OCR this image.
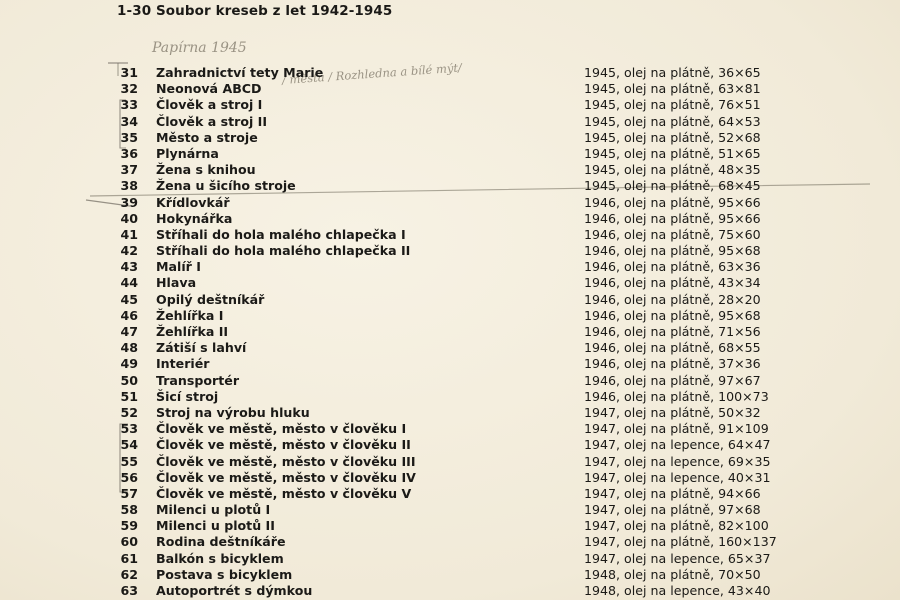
1-30 Soubor kreseb z let 1942-1945
Papírna 1945
/ města / Rozhledna a bílé mýt/
31 Zahradnictví tety Marie	1945, olej na plátně, 36×65
32 Neonová ABCD	1945, olej na plátně, 63×81
33 Člověk a stroj I	1945, olej na plátně, 76×51
34 Člověk a stroj II	1945, olej na plátně, 64×53
35 Město a stroje	1945, olej na plátně, 52×68
36 Plynárna	1945, olej na plátně, 51×65
37 Žena s knihou	1945, olej na plátně, 48×35
38 Žena u šicího stroje	1945, olej na plátně, 68×45
39 Křídlovkář	1946, olej na plátně, 95×66
40 Hokynářka	1946, olej na plátně, 95×66
41 Stříhali do hola malého chlapečka I	1946, olej na plátně, 75×60
42 Stříhali do hola malého chlapečka II	1946, olej na plátně, 95×68
43 Malíř I	1946, olej na plátně, 63×36
44 Hlava	1946, olej na plátně, 43×34
45 Opilý deštníkář	1946, olej na plátně, 28×20
46 Žehlířka I	1946, olej na plátně, 95×68
47 Žehlířka II	1946, olej na plátně, 71×56
48 Zátiší s lahví	1946, olej na plátně, 68×55
49 Interiér	1946, olej na plátně, 37×36
50 Transportér	1946, olej na plátně, 97×67
51 Šicí stroj	1946, olej na plátně, 100×73
52 Stroj na výrobu hluku	1947, olej na plátně, 50×32
53 Člověk ve městě, město v člověku I	1947, olej na plátně, 91×109
54 Člověk ve městě, město v člověku II	1947, olej na lepence, 64×47
55 Člověk ve městě, město v člověku III	1947, olej na lepence, 69×35
56 Člověk ve městě, město v člověku IV	1947, olej na lepence, 40×31
57 Člověk ve městě, město v člověku V	1947, olej na plátně, 94×66
58 Milenci u plotů I	1947, olej na plátně, 97×68
59 Milenci u plotů II	1947, olej na plátně, 82×100
60 Rodina deštníkáře	1947, olej na plátně, 160×137
61 Balkón s bicyklem	1947, olej na lepence, 65×37
62 Postava s bicyklem	1948, olej na plátně, 70×50
63 Autoportrét s dýmkou	1948, olej na lepence, 43×40
